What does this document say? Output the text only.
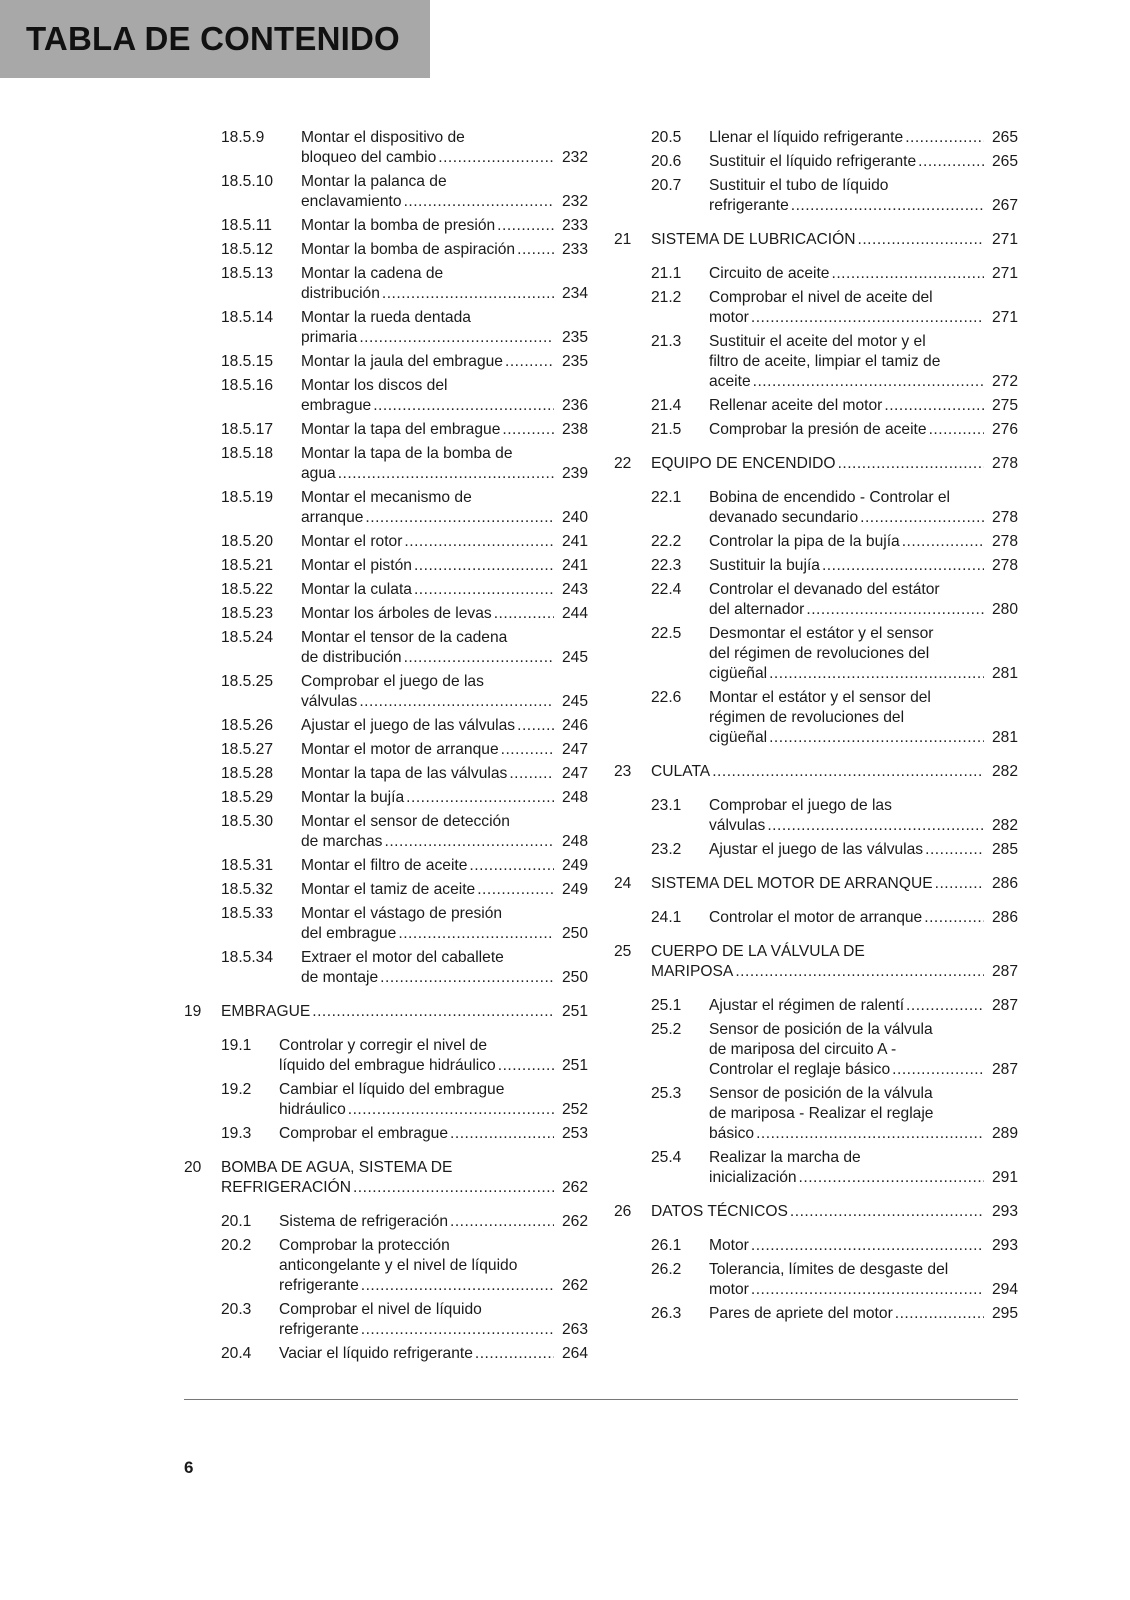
TABLA DE CONTENIDO
18.5.9	Montar el dispositivo de
bloqueo del cambio .....	232
18.5.10	Montar la palanca de
enclavamiento .....	232
18.5.11	Montar la bomba de presión .....	233
18.5.12	Montar la bomba de aspiración .....	233
18.5.13	Montar la cadena de
distribución .....	234
18.5.14	Montar la rueda dentada
primaria .....	235
18.5.15	Montar la jaula del embrague .....	235
18.5.16	Montar los discos del
embrague .....	236
18.5.17	Montar la tapa del embrague .....	238
18.5.18	Montar la tapa de la bomba de
agua .....	239
18.5.19	Montar el mecanismo de
arranque .....	240
18.5.20	Montar el rotor .....	241
18.5.21	Montar el pistón .....	241
18.5.22	Montar la culata .....	243
18.5.23	Montar los árboles de levas .....	244
18.5.24	Montar el tensor de la cadena
de distribución .....	245
18.5.25	Comprobar el juego de las
válvulas .....	245
18.5.26	Ajustar el juego de las válvulas .....	246
18.5.27	Montar el motor de arranque .....	247
18.5.28	Montar la tapa de las válvulas .....	247
18.5.29	Montar la bujía .....	248
18.5.30	Montar el sensor de detección
de marchas .....	248
18.5.31	Montar el filtro de aceite .....	249
18.5.32	Montar el tamiz de aceite .....	249
18.5.33	Montar el vástago de presión
del embrague .....	250
18.5.34	Extraer el motor del caballete
de montaje .....	250
19	EMBRAGUE .....	251
19.1	Controlar y corregir el nivel de
líquido del embrague hidráulico .....	251
19.2	Cambiar el líquido del embrague
hidráulico .....	252
19.3	Comprobar el embrague .....	253
20	BOMBA DE AGUA, SISTEMA DE
REFRIGERACIÓN .....	262
20.1	Sistema de refrigeración .....	262
20.2	Comprobar la protección
anticongelante y el nivel de líquido
refrigerante .....	262
20.3	Comprobar el nivel de líquido
refrigerante .....	263
20.4	Vaciar el líquido refrigerante .....	264
20.5	Llenar el líquido refrigerante .....	265
20.6	Sustituir el líquido refrigerante .....	265
20.7	Sustituir el tubo de líquido
refrigerante .....	267
21	SISTEMA DE LUBRICACIÓN .....	271
21.1	Circuito de aceite .....	271
21.2	Comprobar el nivel de aceite del
motor .....	271
21.3	Sustituir el aceite del motor y el
filtro de aceite, limpiar el tamiz de
aceite .....	272
21.4	Rellenar aceite del motor .....	275
21.5	Comprobar la presión de aceite .....	276
22	EQUIPO DE ENCENDIDO .....	278
22.1	Bobina de encendido - Controlar el
devanado secundario .....	278
22.2	Controlar la pipa de la bujía .....	278
22.3	Sustituir la bujía .....	278
22.4	Controlar el devanado del estátor
del alternador .....	280
22.5	Desmontar el estátor y el sensor
del régimen de revoluciones del
cigüeñal .....	281
22.6	Montar el estátor y el sensor del
régimen de revoluciones del
cigüeñal .....	281
23	CULATA .....	282
23.1	Comprobar el juego de las
válvulas .....	282
23.2	Ajustar el juego de las válvulas .....	285
24	SISTEMA DEL MOTOR DE ARRANQUE .....	286
24.1	Controlar el motor de arranque .....	286
25	CUERPO DE LA VÁLVULA DE
MARIPOSA .....	287
25.1	Ajustar el régimen de ralentí .....	287
25.2	Sensor de posición de la válvula
de mariposa del circuito A -
Controlar el reglaje básico .....	287
25.3	Sensor de posición de la válvula
de mariposa - Realizar el reglaje
básico .....	289
25.4	Realizar la marcha de
inicialización .....	291
26	DATOS TÉCNICOS .....	293
26.1	Motor .....	293
26.2	Tolerancia, límites de desgaste del
motor .....	294
26.3	Pares de apriete del motor .....	295
6
